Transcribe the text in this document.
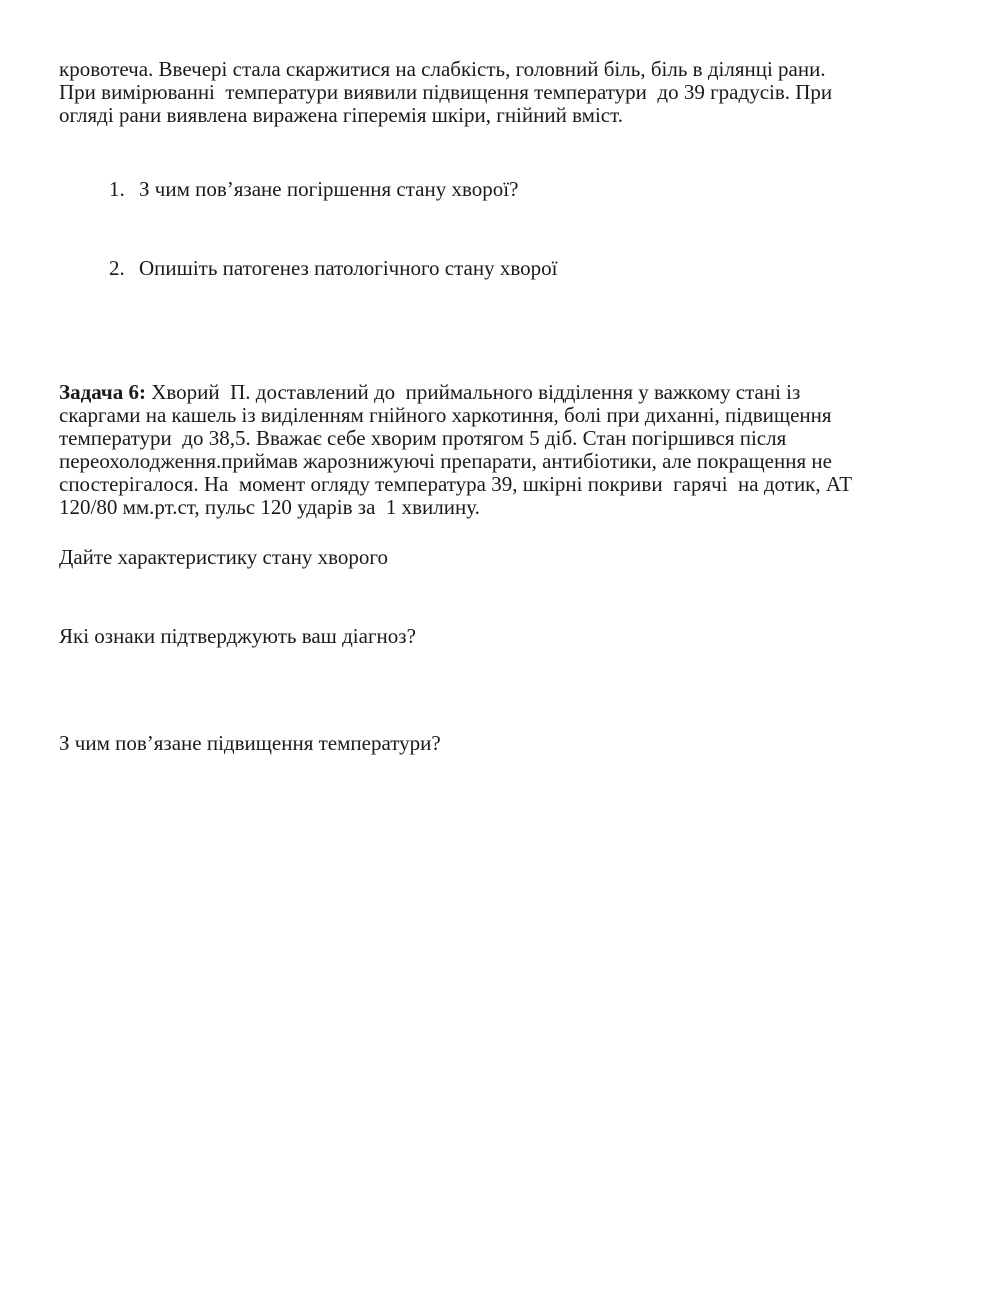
кровотеча. Ввечері стала скаржитися на слабкість, головний біль, біль в ділянці рани.
При вимірюванні  температури виявили підвищення температури  до 39 градусів. При
огляді рани виявлена виражена гіперемія шкіри, гнійний вміст.

1. З чим пов’язане погіршення стану хворої?

2. Опишіть патогенез патологічного стану хворої

Задача 6: Хворий  П. доставлений до  приймального відділення у важкому стані із
скаргами на кашель із виділенням гнійного харкотиння, болі при диханні, підвищення
температури  до 38,5. Вважає себе хворим протягом 5 діб. Стан погіршився після
переохолодження.приймав жарознижуючі препарати, антибіотики, але покращення не
спостерігалося. На  момент огляду температура 39, шкірні покриви  гарячі  на дотик, АТ
120/80 мм.рт.ст, пульс 120 ударів за  1 хвилину.
Дайте характеристику стану хворого
Які ознаки підтверджують ваш діагноз?
З чим пов’язане підвищення температури?
